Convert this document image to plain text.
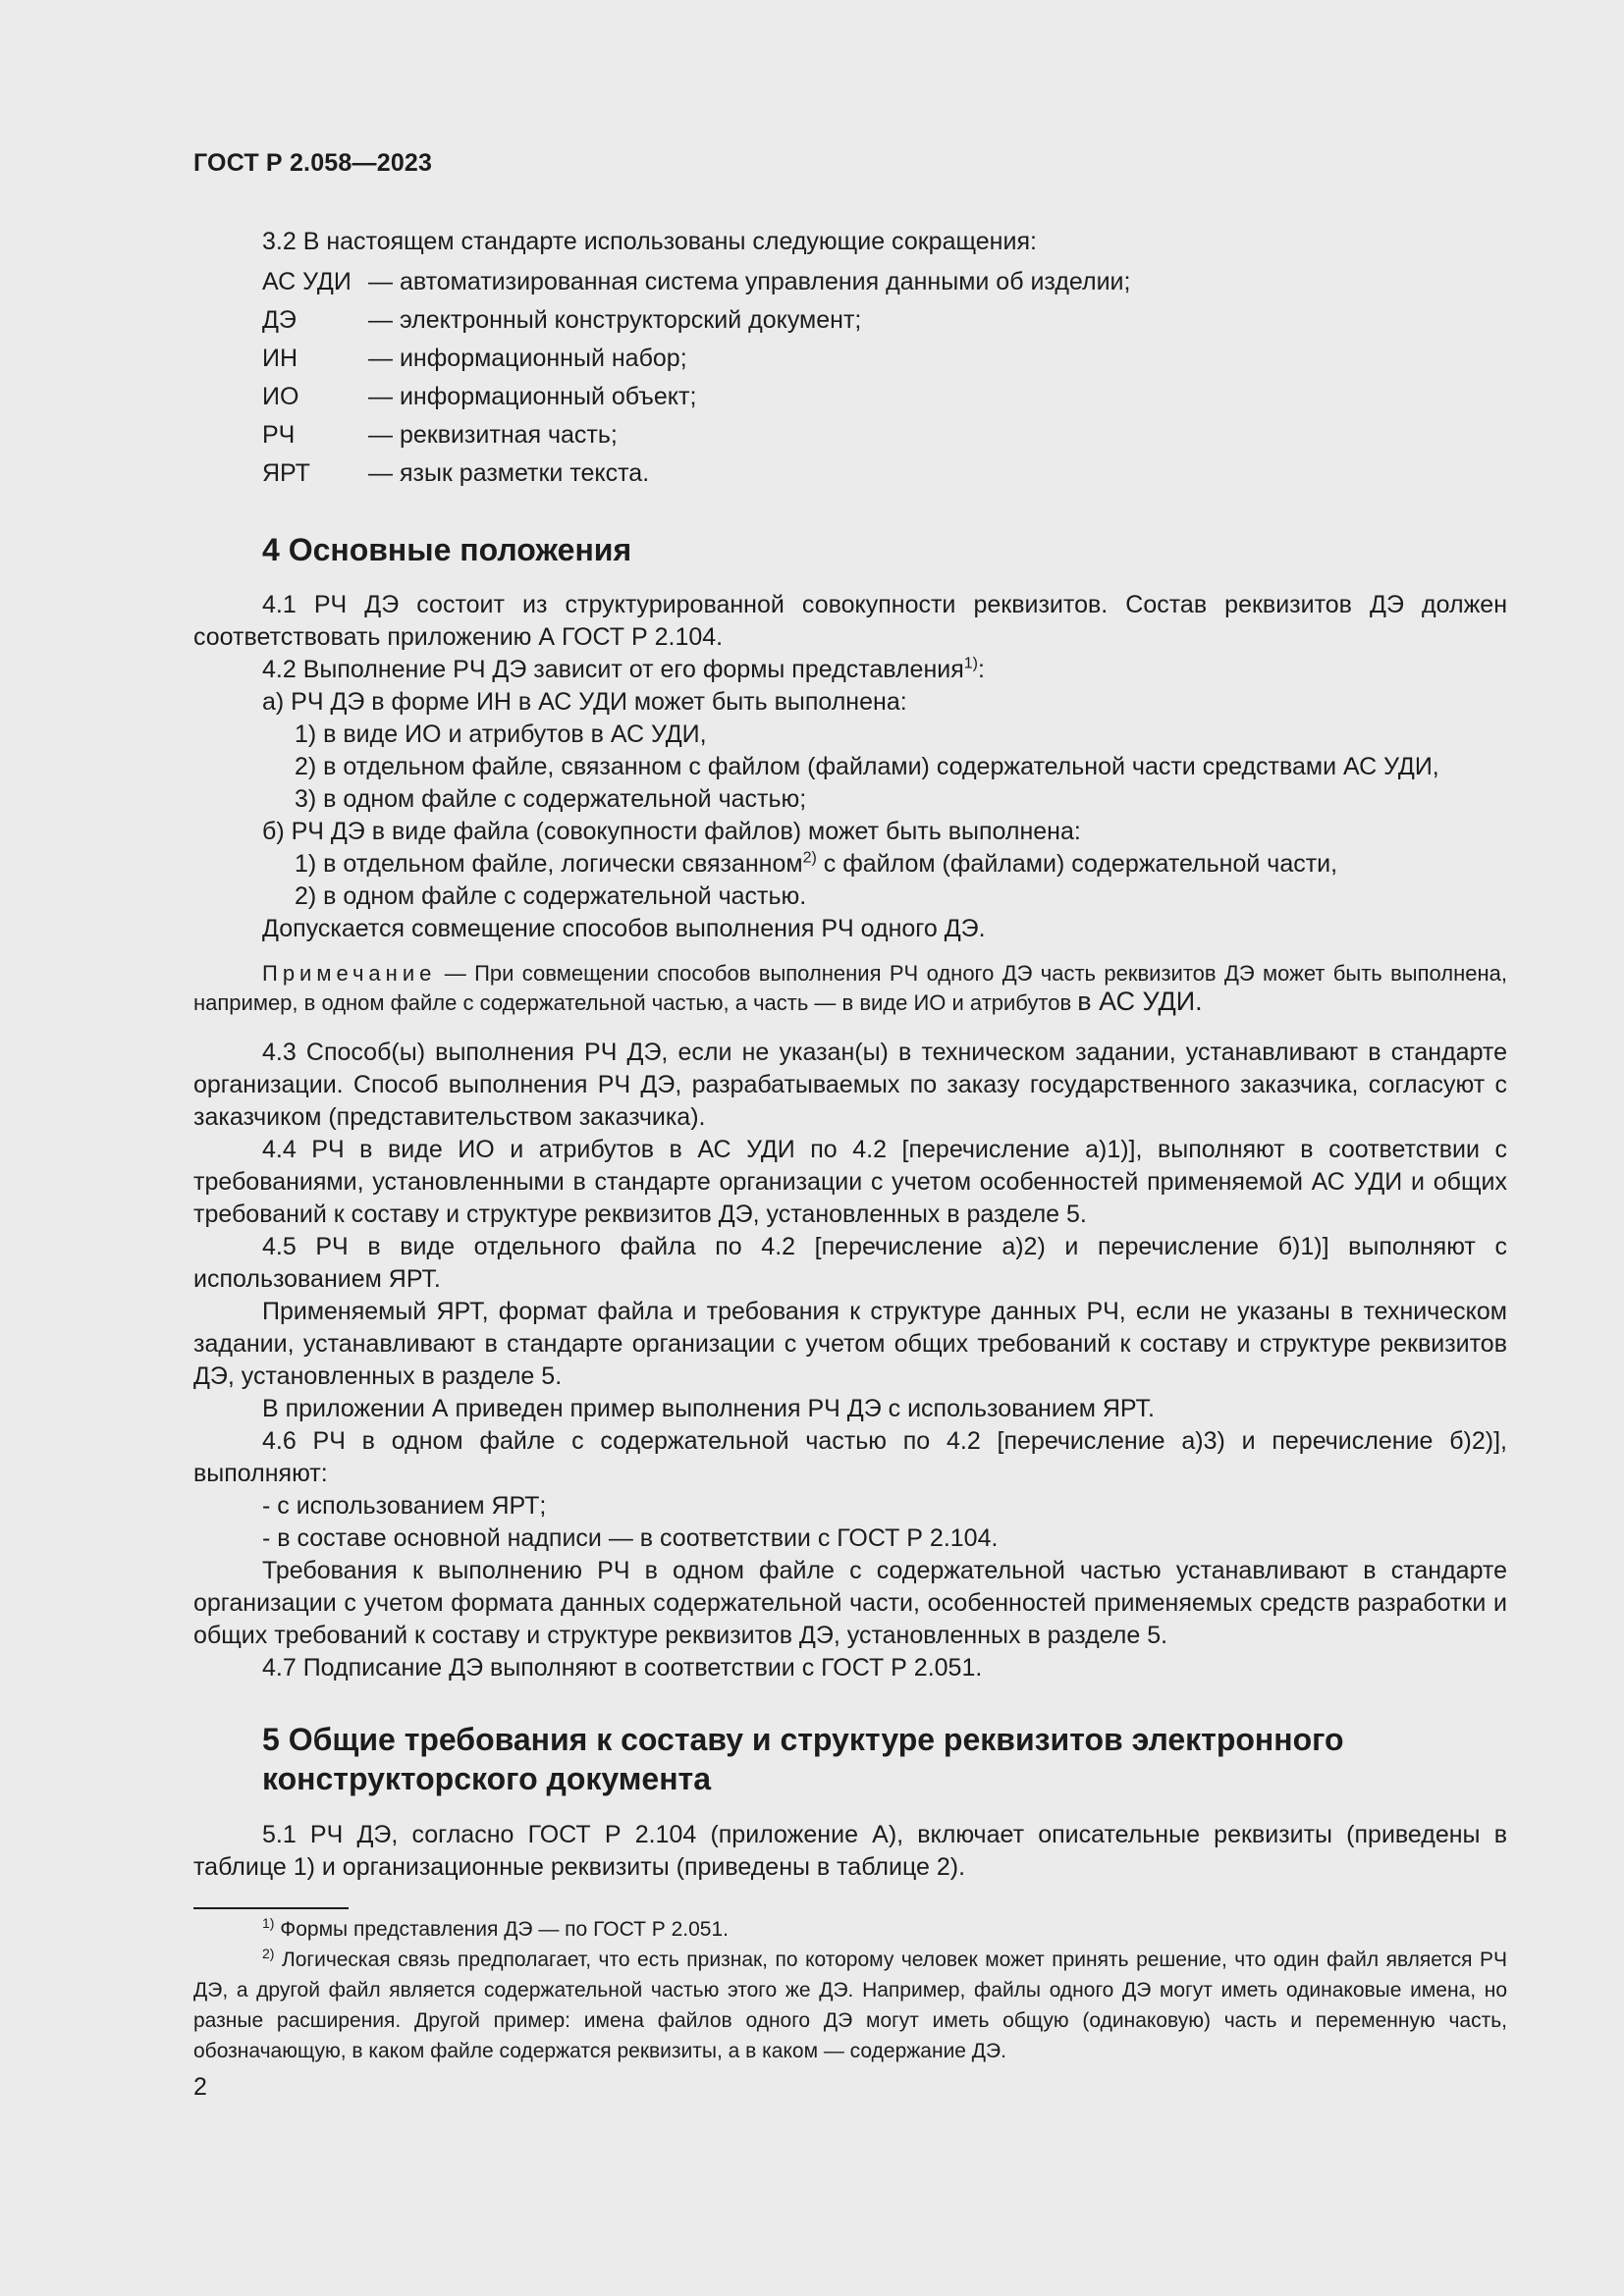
ГОСТ Р 2.058—2023
3.2 В настоящем стандарте использованы следующие сокращения:
АС УДИ — автоматизированная система управления данными об изделии;
ДЭ	— электронный конструкторский документ;
ИН	— информационный набор;
ИО	— информационный объект;
РЧ	— реквизитная часть;
ЯРТ	— язык разметки текста.
4 Основные положения

4.1 РЧ ДЭ состоит из структурированной совокупности реквизитов. Состав реквизитов ДЭ должен соответствовать приложению А ГОСТ Р 2.104.

4.2 Выполнение РЧ ДЭ зависит от его формы представления$^{1)}$:

а) РЧ ДЭ в форме ИН в АС УДИ может быть выполнена:

1) в виде ИО и атрибутов в АС УДИ,

2) в отдельном файле, связанном с файлом (файлами) содержательной части средствами АС УДИ,

3) в одном файле с содержательной частью;

б) РЧ ДЭ в виде файла (совокупности файлов) может быть выполнена:

1) в отдельном файле, логически связанном$^{2)}$ с файлом (файлами) содержательной части,

2) в одном файле с содержательной частью.

Допускается совмещение способов выполнения РЧ одного ДЭ.

Примечание — При совмещении способов выполнения РЧ одного ДЭ часть реквизитов ДЭ может быть выполнена, например, в одном файле с содержательной частью, а часть — в виде ИО и атрибутов в АС УДИ.

4.3 Способ(ы) выполнения РЧ ДЭ, если не указан(ы) в техническом задании, устанавливают в стандарте организации. Способ выполнения РЧ ДЭ, разрабатываемых по заказу государственного заказчика, согласуют с заказчиком (представительством заказчика).

4.4 РЧ в виде ИО и атрибутов в АС УДИ по 4.2 [перечисление а)1)], выполняют в соответствии с требованиями, установленными в стандарте организации с учетом особенностей применяемой АС УДИ и общих требований к составу и структуре реквизитов ДЭ, установленных в разделе 5.

4.5 РЧ в виде отдельного файла по 4.2 [перечисление а)2) и перечисление б)1)] выполняют с использованием ЯРТ.

Применяемый ЯРТ, формат файла и требования к структуре данных РЧ, если не указаны в техническом задании, устанавливают в стандарте организации с учетом общих требований к составу и структуре реквизитов ДЭ, установленных в разделе 5.

В приложении А приведен пример выполнения РЧ ДЭ с использованием ЯРТ.

4.6 РЧ в одном файле с содержательной частью по 4.2 [перечисление а)3) и перечисление б)2)], выполняют:

- с использованием ЯРТ;

- в составе основной надписи — в соответствии с ГОСТ Р 2.104.

Требования к выполнению РЧ в одном файле с содержательной частью устанавливают в стандарте организации с учетом формата данных содержательной части, особенностей применяемых средств разработки и общих требований к составу и структуре реквизитов ДЭ, установленных в разделе 5.

4.7 Подписание ДЭ выполняют в соответствии с ГОСТ Р 2.051.

5 Общие требования к составу и структуре реквизитов электронного конструкторского документа

5.1 РЧ ДЭ, согласно ГОСТ Р 2.104 (приложение А), включает описательные реквизиты (приведены в таблице 1) и организационные реквизиты (приведены в таблице 2).

$^{1)}$ Формы представления ДЭ — по ГОСТ Р 2.051.

$^{2)}$ Логическая связь предполагает, что есть признак, по которому человек может принять решение, что один файл является РЧ ДЭ, а другой файл является содержательной частью этого же ДЭ. Например, файлы одного ДЭ могут иметь одинаковые имена, но разные расширения. Другой пример: имена файлов одного ДЭ могут иметь общую (одинаковую) часть и переменную часть, обозначающую, в каком файле содержатся реквизиты, а в каком — содержание ДЭ.

2
